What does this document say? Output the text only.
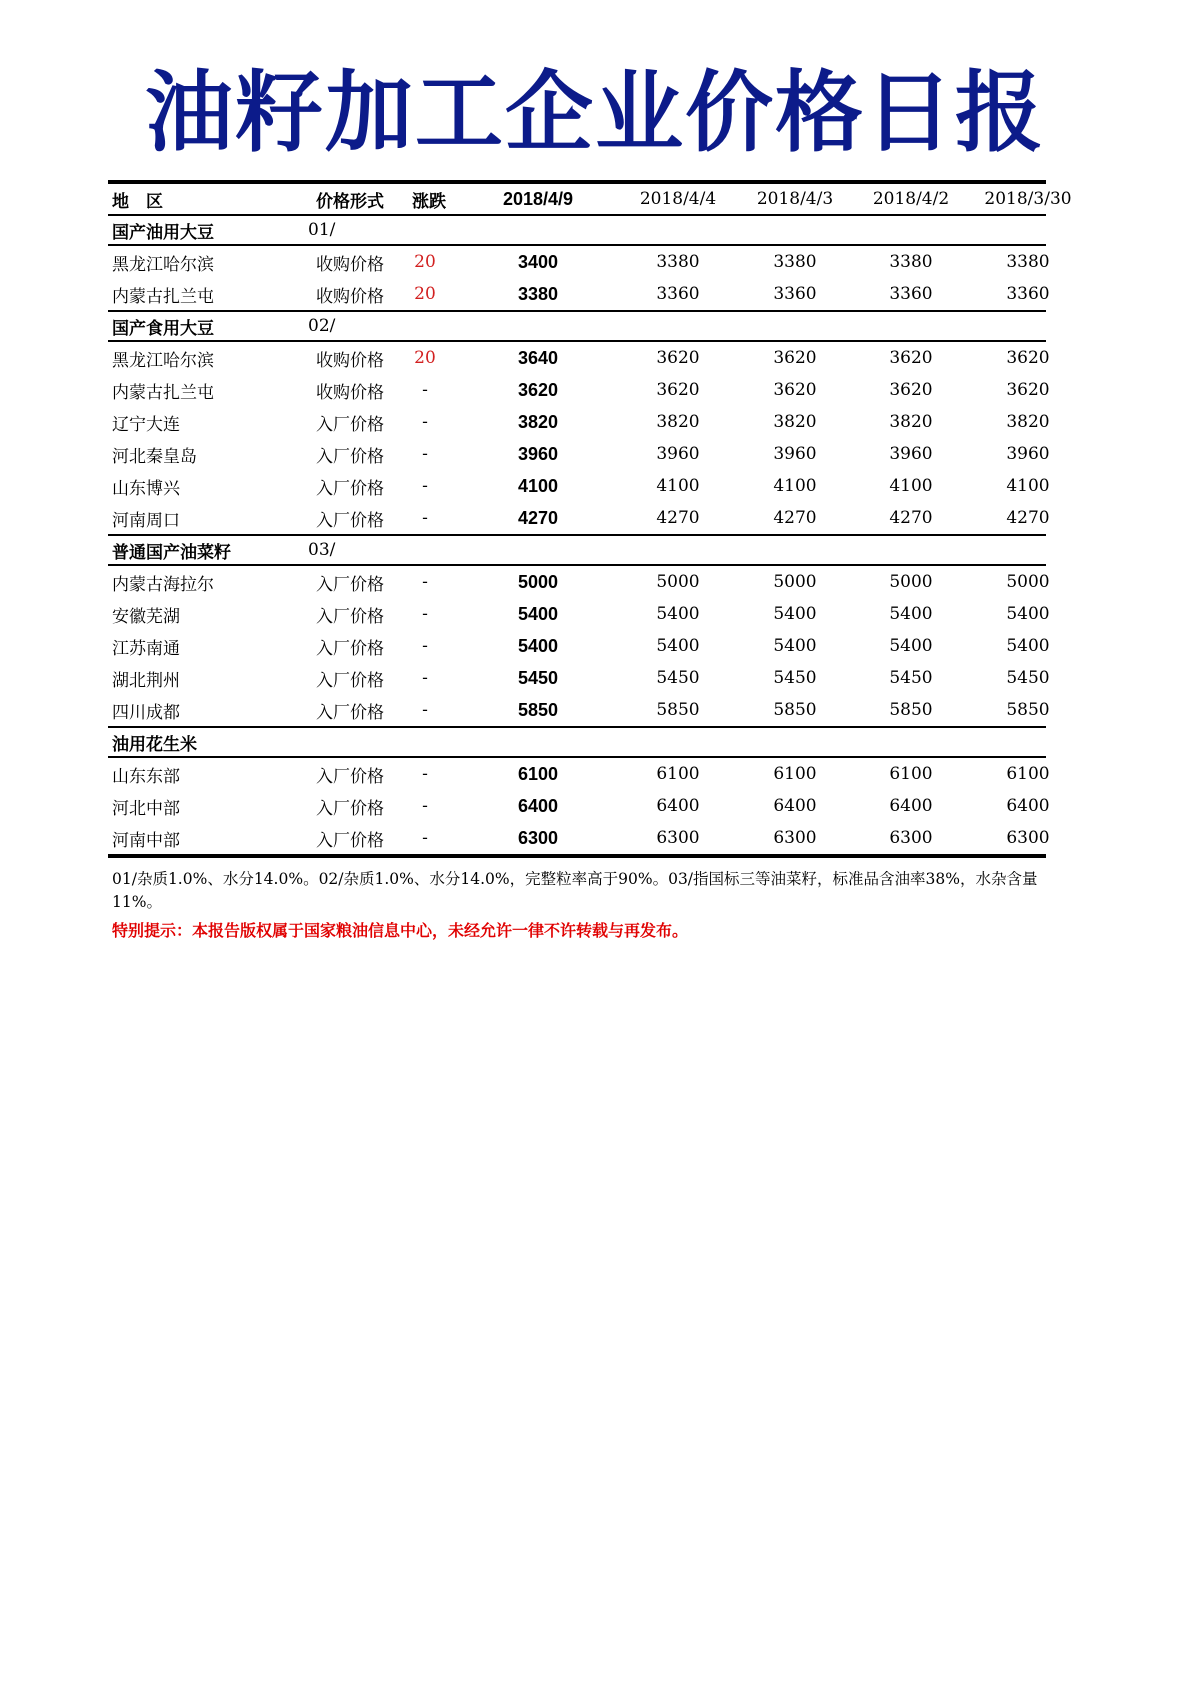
油籽加工企业价格日报
地　区	价格形式 涨跌	2018/4/9	2018/4/4	2018/4/3	2018/4/2	2018/3/30
国产油用大豆	01/
黑龙江哈尔滨	收购价格	20	3400	3380	3380	3380	3380
内蒙古扎兰屯	收购价格	20	3380	3360	3360	3360	3360
国产食用大豆	02/
黑龙江哈尔滨	收购价格	20	3640	3620	3620	3620	3620
内蒙古扎兰屯	收购价格	-	3620	3620	3620	3620	3620
辽宁大连	入厂价格	-	3820	3820	3820	3820	3820
河北秦皇岛	入厂价格	-	3960	3960	3960	3960	3960
山东博兴	入厂价格	-	4100	4100	4100	4100	4100
河南周口	入厂价格	-	4270	4270	4270	4270	4270
普通国产油菜籽	03/
内蒙古海拉尔	入厂价格	-	5000	5000	5000	5000	5000
安徽芜湖	入厂价格	-	5400	5400	5400	5400	5400
江苏南通	入厂价格	-	5400	5400	5400	5400	5400
湖北荆州	入厂价格	-	5450	5450	5450	5450	5450
四川成都	入厂价格	-	5850	5850	5850	5850	5850
油用花生米
山东东部	入厂价格	-	6100	6100	6100	6100	6100
河北中部	入厂价格	-	6400	6400	6400	6400	6400
河南中部	入厂价格	-	6300	6300	6300	6300	6300
01/杂质1.0%、水分14.0%。02/杂质1.0%、水分14.0%，完整粒率高于90%。03/指国标三等油菜籽，标准品含油率38%，水杂含量11%。
特别提示：本报告版权属于国家粮油信息中心，未经允许一律不许转载与再发布。
